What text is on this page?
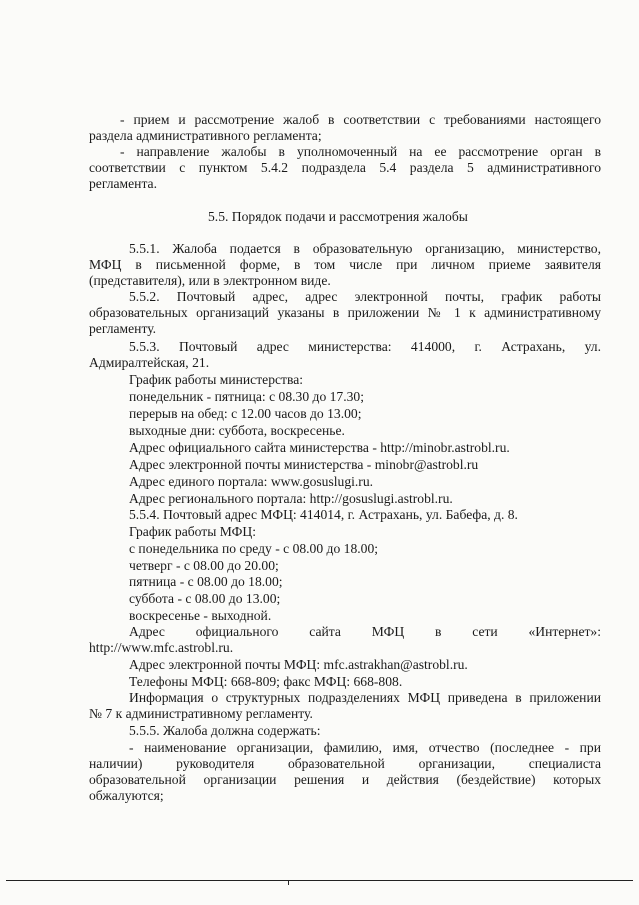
- прием и рассмотрение жалоб в соответствии с требованиями настоящего
раздела административного регламента;
- направление жалобы в уполномоченный на ее рассмотрение орган в
соответствии с пунктом 5.4.2 подраздела 5.4 раздела 5 административного
регламента.
5.5. Порядок подачи и рассмотрения жалобы
5.5.1. Жалоба подается в образовательную организацию, министерство,
МФЦ в письменной форме, в том числе при личном приеме заявителя
(представителя), или в электронном виде.
5.5.2. Почтовый адрес, адрес электронной почты, график работы
образовательных организаций указаны в приложении № 1 к административному
регламенту.
5.5.3. Почтовый адрес министерства: 414000, г. Астрахань, ул.
Адмиралтейская, 21.
График работы министерства:
понедельник - пятница: с 08.30 до 17.30;
перерыв на обед: с 12.00 часов до 13.00;
выходные дни: суббота, воскресенье.
Адрес официального сайта министерства - http://minobr.astrobl.ru.
Адрес электронной почты министерства - minobr@astrobl.ru
Адрес единого портала: www.gosuslugi.ru.
Адрес регионального портала: http://gosuslugi.astrobl.ru.
5.5.4. Почтовый адрес МФЦ: 414014, г. Астрахань, ул. Бабефа, д. 8.
График работы МФЦ:
с понедельника по среду - с 08.00 до 18.00;
четверг - с 08.00 до 20.00;
пятница - с 08.00 до 18.00;
суббота - с 08.00 до 13.00;
воскресенье - выходной.
Адрес официального сайта МФЦ в сети «Интернет»:
http://www.mfc.astrobl.ru.
Адрес электронной почты МФЦ: mfc.astrakhan@astrobl.ru.
Телефоны МФЦ: 668-809; факс МФЦ: 668-808.
Информация о структурных подразделениях МФЦ приведена в приложении
№ 7 к административному регламенту.
5.5.5. Жалоба должна содержать:
- наименование организации, фамилию, имя, отчество (последнее - при
наличии) руководителя образовательной организации, специалиста
образовательной организации решения и действия (бездействие) которых
обжалуются;
